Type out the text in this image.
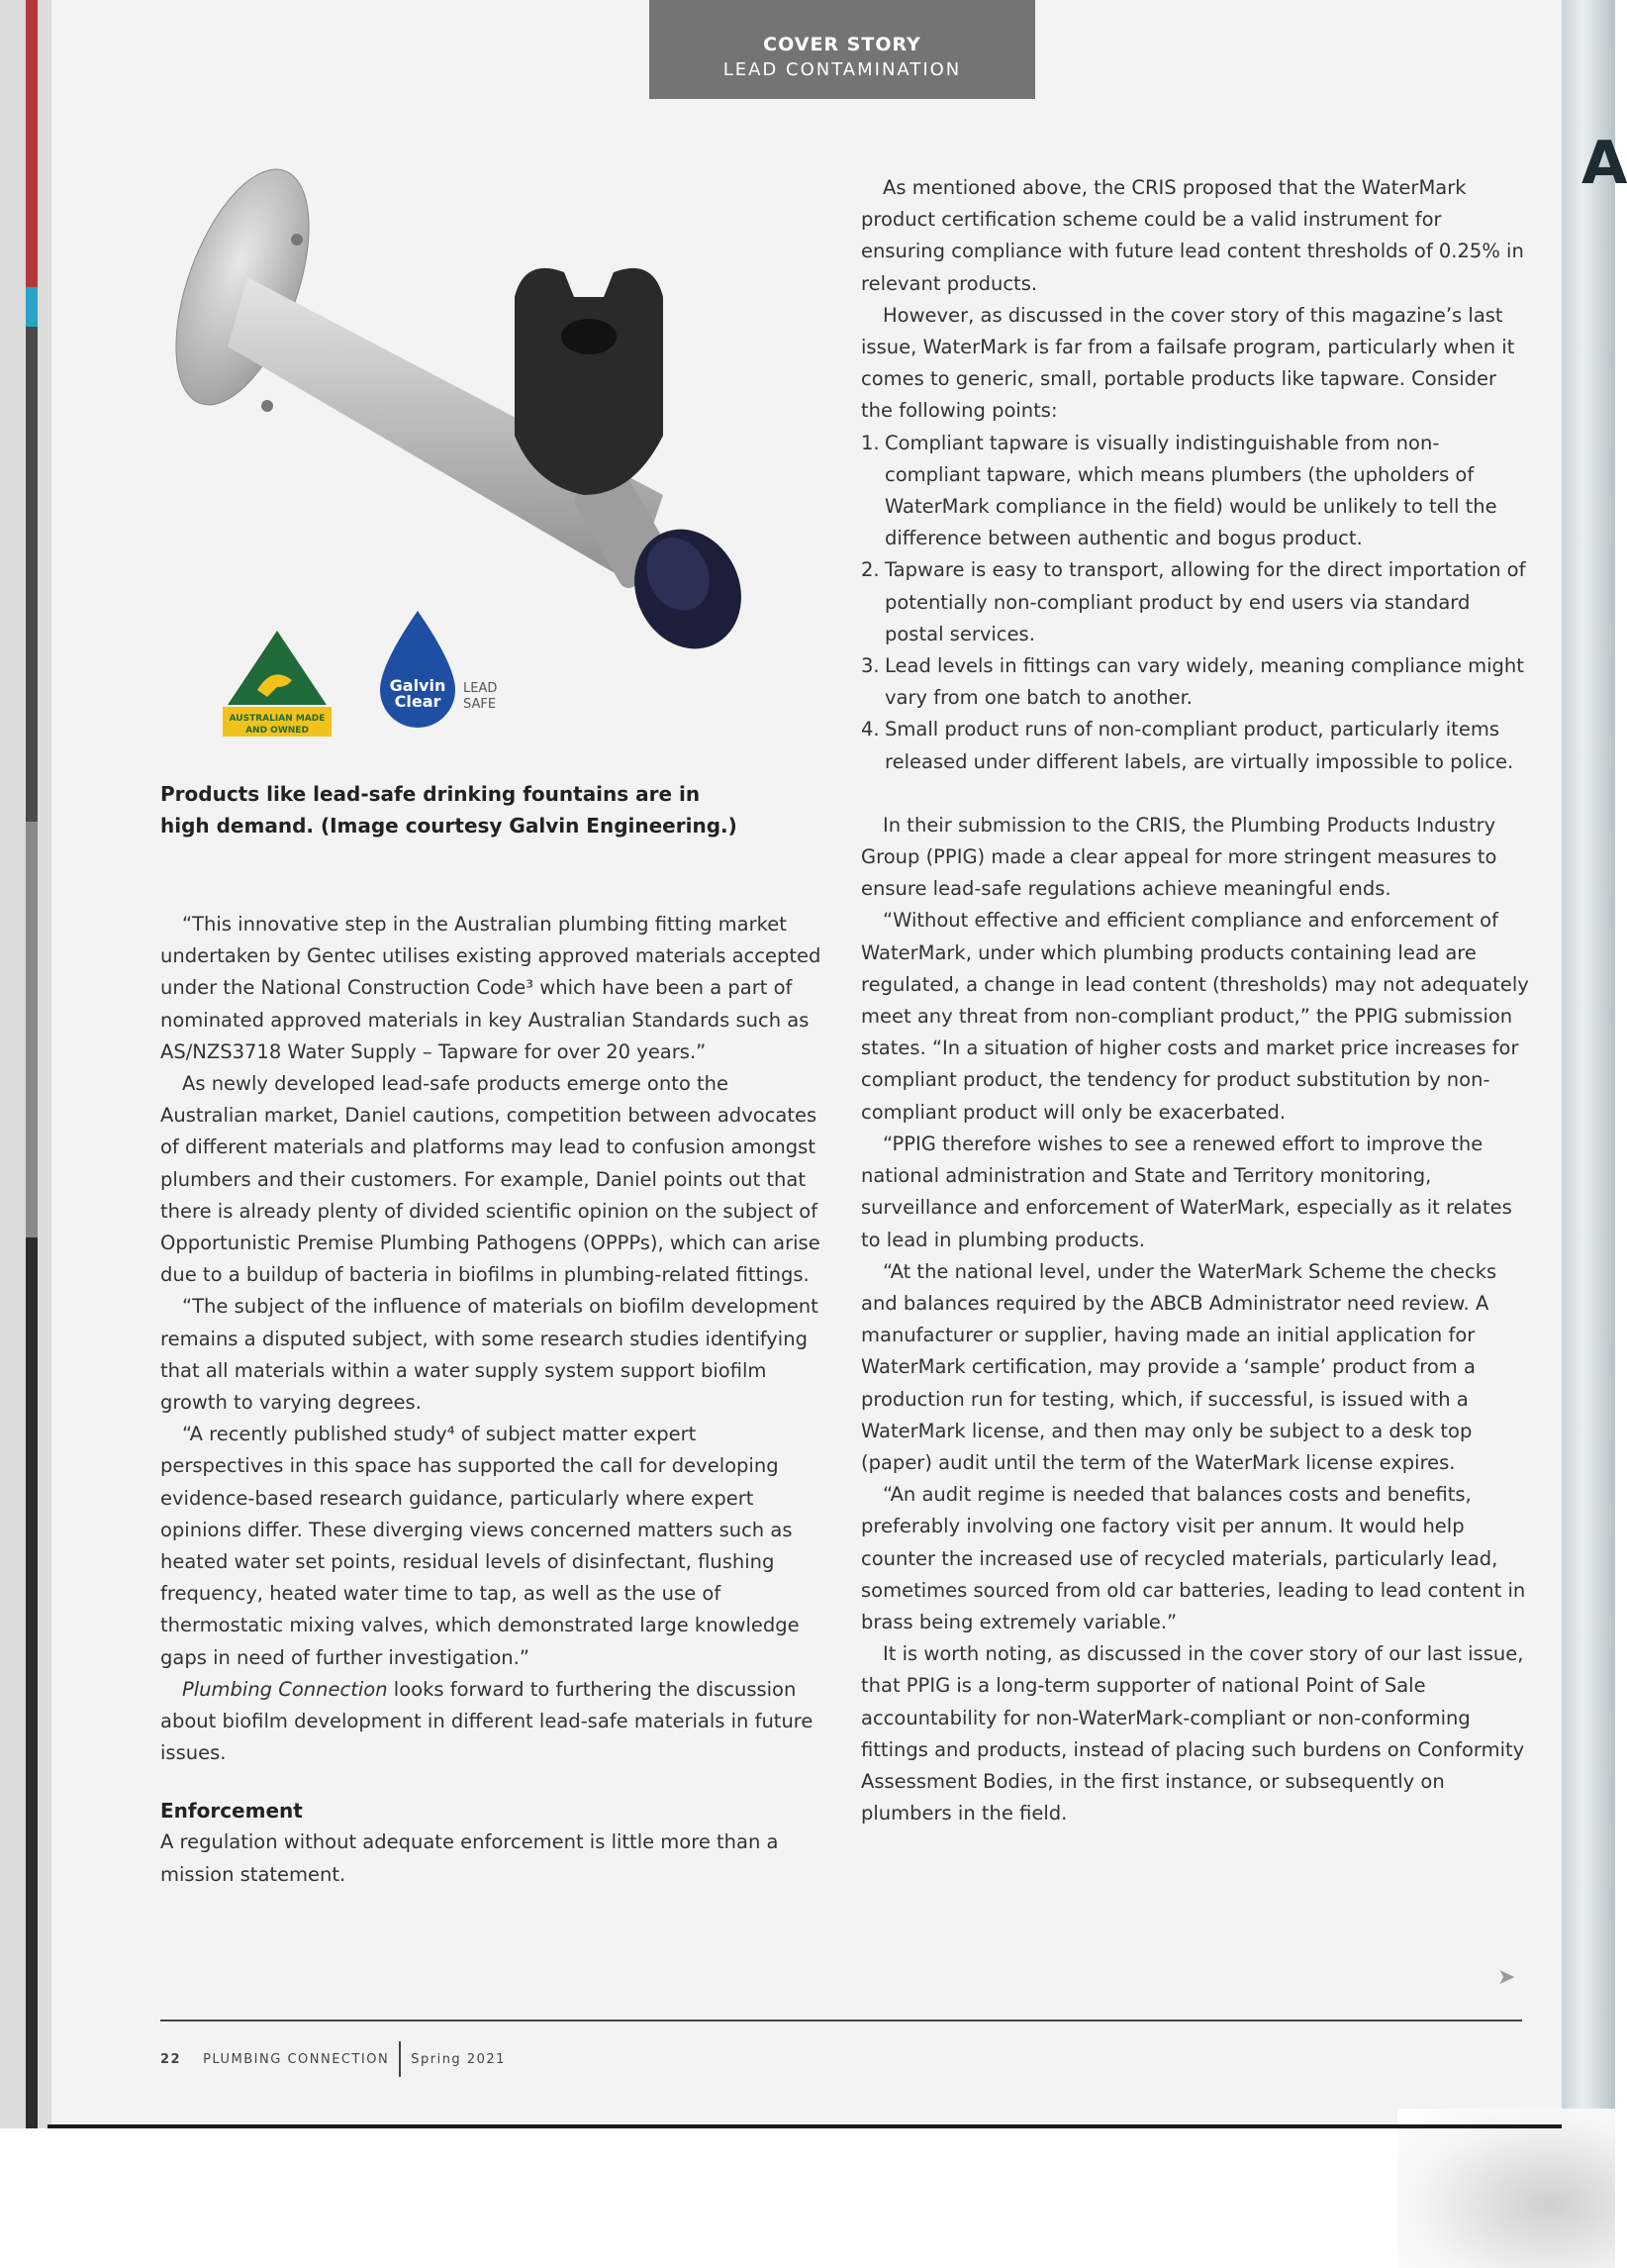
A
COVER STORY
LEAD CONTAMINATION
AUSTRALIAN MADE
AND OWNED
Galvin
Clear
LEAD
SAFE
Products like lead-safe drinking fountains are in high demand. (Image courtesy Galvin Engineering.)

“This innovative step in the Australian plumbing fitting market undertaken by Gentec utilises existing approved materials accepted under the National Construction Code³ which have been a part of nominated approved materials in key Australian Standards such as AS/NZS3718 Water Supply – Tapware for over 20 years.”

As newly developed lead-safe products emerge onto the Australian market, Daniel cautions, competition between advocates of different materials and platforms may lead to confusion amongst plumbers and their customers. For example, Daniel points out that there is already plenty of divided scientific opinion on the subject of Opportunistic Premise Plumbing Pathogens (OPPPs), which can arise due to a buildup of bacteria in biofilms in plumbing-related fittings.

“The subject of the influence of materials on biofilm development remains a disputed subject, with some research studies identifying that all materials within a water supply system support biofilm growth to varying degrees.

“A recently published study⁴ of subject matter expert perspectives in this space has supported the call for developing evidence-based research guidance, particularly where expert opinions differ. These diverging views concerned matters such as heated water set points, residual levels of disinfectant, flushing frequency, heated water time to tap, as well as the use of thermostatic mixing valves, which demonstrated large knowledge gaps in need of further investigation.”

Plumbing Connection looks forward to furthering the discussion about biofilm development in different lead-safe materials in future issues.

Enforcement

A regulation without adequate enforcement is little more than a mission statement.

As mentioned above, the CRIS proposed that the WaterMark product certification scheme could be a valid instrument for ensuring compliance with future lead content thresholds of 0.25% in relevant products.

However, as discussed in the cover story of this magazine’s last issue, WaterMark is far from a failsafe program, particularly when it comes to generic, small, portable products like tapware. Consider the following points:

1. Compliant tapware is visually indistinguishable from non-compliant tapware, which means plumbers (the upholders of WaterMark compliance in the field) would be unlikely to tell the difference between authentic and bogus product.
2. Tapware is easy to transport, allowing for the direct importation of potentially non-compliant product by end users via standard postal services.
3. Lead levels in fittings can vary widely, meaning compliance might vary from one batch to another.
4. Small product runs of non-compliant product, particularly items released under different labels, are virtually impossible to police.

In their submission to the CRIS, the Plumbing Products Industry Group (PPIG) made a clear appeal for more stringent measures to ensure lead-safe regulations achieve meaningful ends.

“Without effective and efficient compliance and enforcement of WaterMark, under which plumbing products containing lead are regulated, a change in lead content (thresholds) may not adequately meet any threat from non-compliant product,” the PPIG submission states. “In a situation of higher costs and market price increases for compliant product, the tendency for product substitution by non-compliant product will only be exacerbated.

“PPIG therefore wishes to see a renewed effort to improve the national administration and State and Territory monitoring, surveillance and enforcement of WaterMark, especially as it relates to lead in plumbing products.

“At the national level, under the WaterMark Scheme the checks and balances required by the ABCB Administrator need review. A manufacturer or supplier, having made an initial application for WaterMark certification, may provide a ‘sample’ product from a production run for testing, which, if successful, is issued with a WaterMark license, and then may only be subject to a desk top (paper) audit until the term of the WaterMark license expires.

“An audit regime is needed that balances costs and benefits, preferably involving one factory visit per annum. It would help counter the increased use of recycled materials, particularly lead, sometimes sourced from old car batteries, leading to lead content in brass being extremely variable.”

It is worth noting, as discussed in the cover story of our last issue, that PPIG is a long-term supporter of national Point of Sale accountability for non-WaterMark-compliant or non-conforming fittings and products, instead of placing such burdens on Conformity Assessment Bodies, in the first instance, or subsequently on plumbers in the field.

➤
22 PLUMBING CONNECTION Spring 2021
